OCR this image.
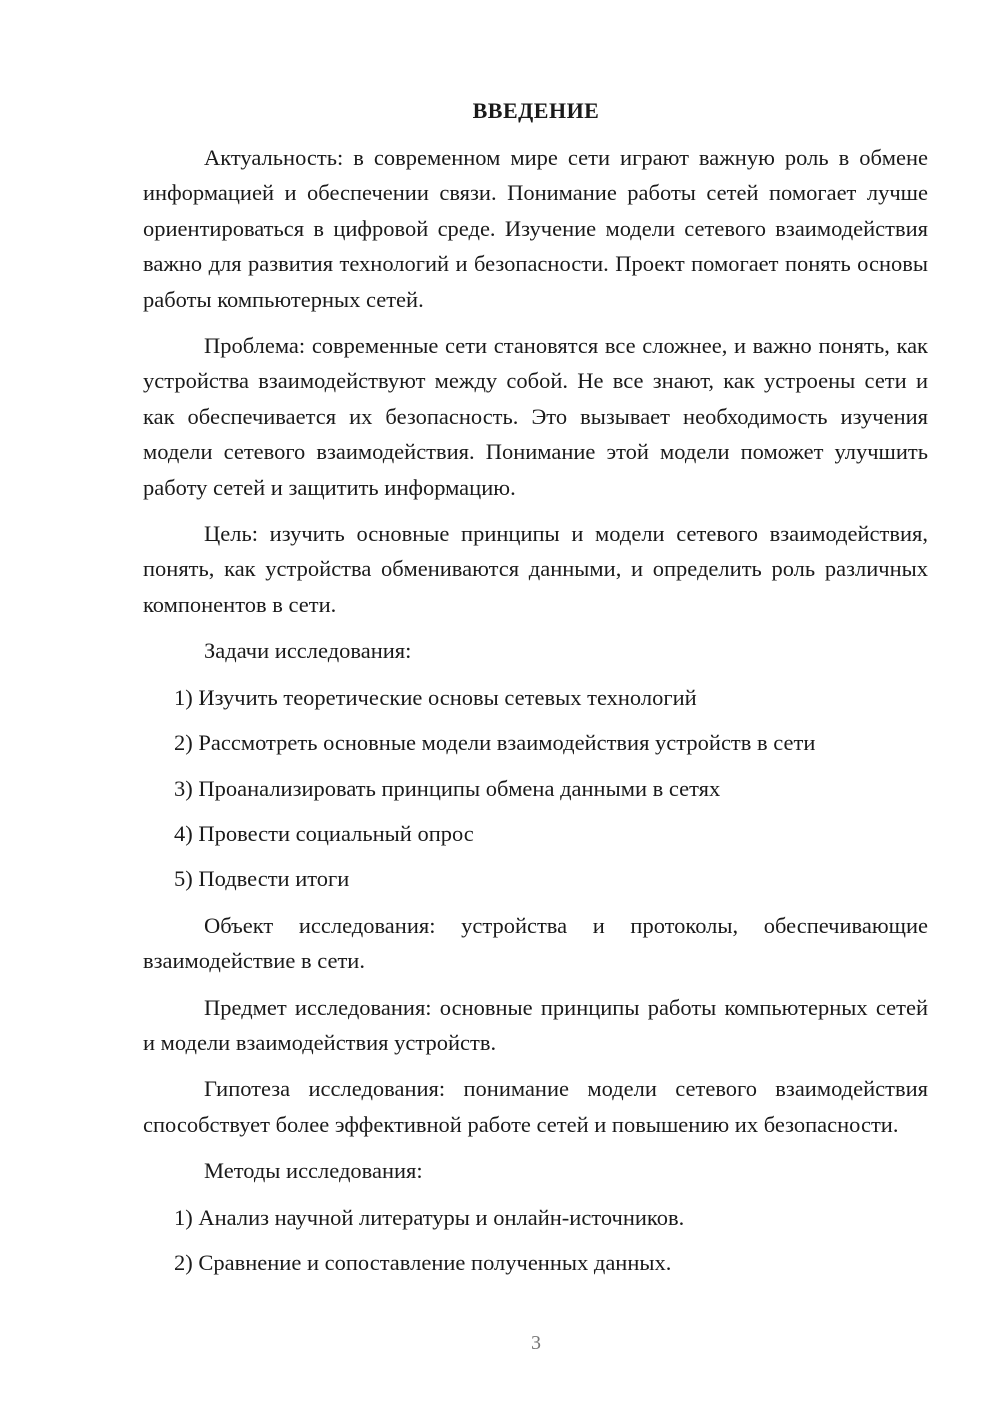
ВВЕДЕНИЕ

Актуальность: в современном мире сети играют важную роль в обмене информацией и обеспечении связи. Понимание работы сетей помогает лучше ориентироваться в цифровой среде. Изучение модели сетевого взаимодействия важно для развития технологий и безопасности. Проект помогает понять основы работы компьютерных сетей.

Проблема: современные сети становятся все сложнее, и важно понять, как устройства взаимодействуют между собой. Не все знают, как устроены сети и как обеспечивается их безопасность. Это вызывает необходимость изучения модели сетевого взаимодействия. Понимание этой модели поможет улучшить работу сетей и защитить информацию.

Цель: изучить основные принципы и модели сетевого взаимодействия, понять, как устройства обмениваются данными, и определить роль различных компонентов в сети.

Задачи исследования:

1) Изучить теоретические основы сетевых технологий
2) Рассмотреть основные модели взаимодействия устройств в сети
3) Проанализировать принципы обмена данными в сетях
4) Провести социальный опрос
5) Подвести итоги

Объект исследования: устройства и протоколы, обеспечивающие взаимодействие в сети.

Предмет исследования: основные принципы работы компьютерных сетей и модели взаимодействия устройств.

Гипотеза исследования: понимание модели сетевого взаимодействия способствует более эффективной работе сетей и повышению их безопасности.

Методы исследования:

1) Анализ научной литературы и онлайн-источников.
2) Сравнение и сопоставление полученных данных.
3
